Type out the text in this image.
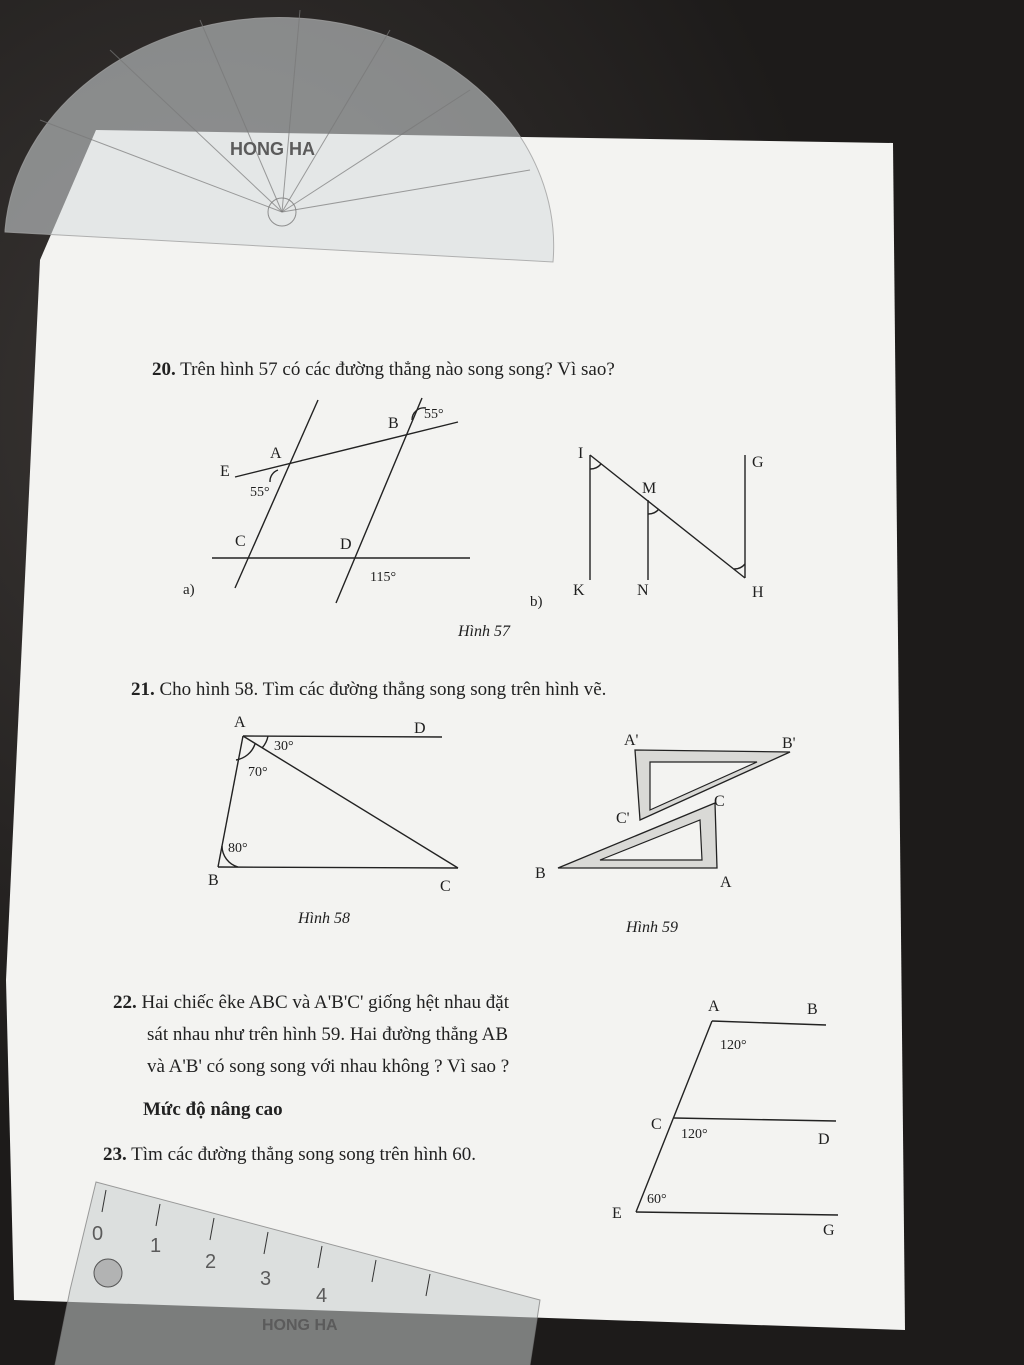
HONG HA
20. Trên hình 57 có các đường thẳng nào song song? Vì sao?
A
B
C	D
E
55°
55°
115°
a)
I
G
M
K	N	H
b)
Hình 57
21. Cho hình 58. Tìm các đường thẳng song song trên hình vẽ.
A	D
B	C
30°
70°
80°
Hình 58
A'	B'
C'
C
B
A
Hình 59
22. Hai chiếc êke ABC và A'B'C' giống hệt nhau đặt
sát nhau như trên hình 59. Hai đường thẳng AB
và A'B' có song song với nhau không ? Vì sao ?
Mức độ nâng cao
23. Tìm các đường thẳng song song trên hình 60.
A	B
C
D
E
G
120°
120°
60°
0
1
2
3
4
HONG HA
